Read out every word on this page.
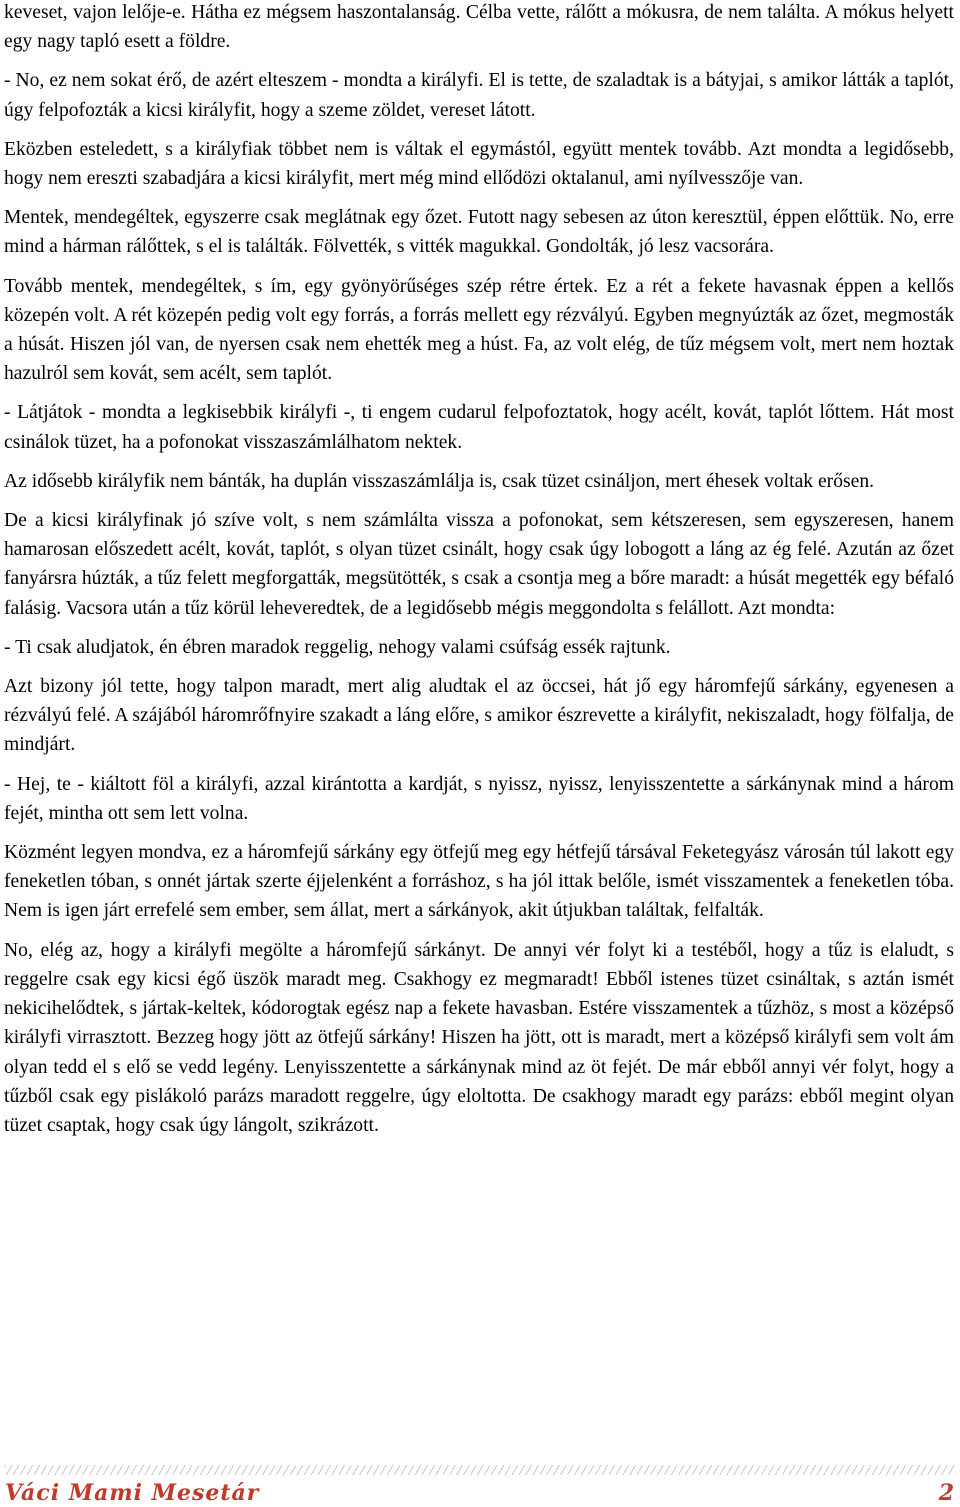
keveset, vajon lelője-e. Hátha ez mégsem haszontalanság. Célba vette, rálőtt a mókusra, de nem találta. A mókus helyett egy nagy tapló esett a földre.

- No, ez nem sokat érő, de azért elteszem - mondta a királyfi. El is tette, de szaladtak is a bátyjai, s amikor látták a taplót, úgy felpofozták a kicsi királyfit, hogy a szeme zöldet, vereset látott.

Eközben esteledett, s a királyfiak többet nem is váltak el egymástól, együtt mentek tovább. Azt mondta a legidősebb, hogy nem ereszti szabadjára a kicsi királyfit, mert még mind ellődözi oktalanul, ami nyílvesszője van.

Mentek, mendegéltek, egyszerre csak meglátnak egy őzet. Futott nagy sebesen az úton keresztül, éppen előttük. No, erre mind a hárman rálőttek, s el is találták. Fölvették, s vitték magukkal. Gondolták, jó lesz vacsorára.

Tovább mentek, mendegéltek, s ím, egy gyönyörűséges szép rétre értek. Ez a rét a fekete havasnak éppen a kellős közepén volt. A rét közepén pedig volt egy forrás, a forrás mellett egy rézvályú. Egyben megnyúzták az őzet, megmosták a húsát. Hiszen jól van, de nyersen csak nem ehették meg a húst. Fa, az volt elég, de tűz mégsem volt, mert nem hoztak hazulról sem kovát, sem acélt, sem taplót.

- Látjátok - mondta a legkisebbik királyfi -, ti engem cudarul felpofoztatok, hogy acélt, kovát, taplót lőttem. Hát most csinálok tüzet, ha a pofonokat visszaszámlálhatom nektek.

Az idősebb királyfik nem bánták, ha duplán visszaszámlálja is, csak tüzet csináljon, mert éhesek voltak erősen.

De a kicsi királyfinak jó szíve volt, s nem számlálta vissza a pofonokat, sem kétszeresen, sem egyszeresen, hanem hamarosan előszedett acélt, kovát, taplót, s olyan tüzet csinált, hogy csak úgy lobogott a láng az ég felé. Azután az őzet fanyársra húzták, a tűz felett megforgatták, megsütötték, s csak a csontja meg a bőre maradt: a húsát megették egy béfaló falásig. Vacsora után a tűz körül leheveredtek, de a legidősebb mégis meggondolta s felállott. Azt mondta:

- Ti csak aludjatok, én ébren maradok reggelig, nehogy valami csúfság essék rajtunk.

Azt bizony jól tette, hogy talpon maradt, mert alig aludtak el az öccsei, hát jő egy háromfejű sárkány, egyenesen a rézvályú felé. A szájából háromrőfnyire szakadt a láng előre, s amikor észrevette a királyfit, nekiszaladt, hogy fölfalja, de mindjárt.

- Hej, te - kiáltott föl a királyfi, azzal kirántotta a kardját, s nyissz, nyissz, lenyisszentette a sárkánynak mind a három fejét, mintha ott sem lett volna.

Közmént legyen mondva, ez a háromfejű sárkány egy ötfejű meg egy hétfejű társával Feketegyász városán túl lakott egy feneketlen tóban, s onnét jártak szerte éjjelenként a forráshoz, s ha jól ittak belőle, ismét visszamentek a feneketlen tóba. Nem is igen járt errefelé sem ember, sem állat, mert a sárkányok, akit útjukban találtak, felfalták.

No, elég az, hogy a királyfi megölte a háromfejű sárkányt. De annyi vér folyt ki a testéből, hogy a tűz is elaludt, s reggelre csak egy kicsi égő üszök maradt meg. Csakhogy ez megmaradt! Ebből istenes tüzet csináltak, s aztán ismét nekicihelődtek, s jártak-keltek, kódorogtak egész nap a fekete havasban. Estére visszamentek a tűzhöz, s most a középső királyfi virrasztott. Bezzeg hogy jött az ötfejű sárkány! Hiszen ha jött, ott is maradt, mert a középső királyfi sem volt ám olyan tedd el s elő se vedd legény. Lenyisszentette a sárkánynak mind az öt fejét. De már ebből annyi vér folyt, hogy a tűzből csak egy pislákoló parázs maradott reggelre, úgy eloltotta. De csakhogy maradt egy parázs: ebből megint olyan tüzet csaptak, hogy csak úgy lángolt, szikrázott.

Váci Mami Mesetár	2
